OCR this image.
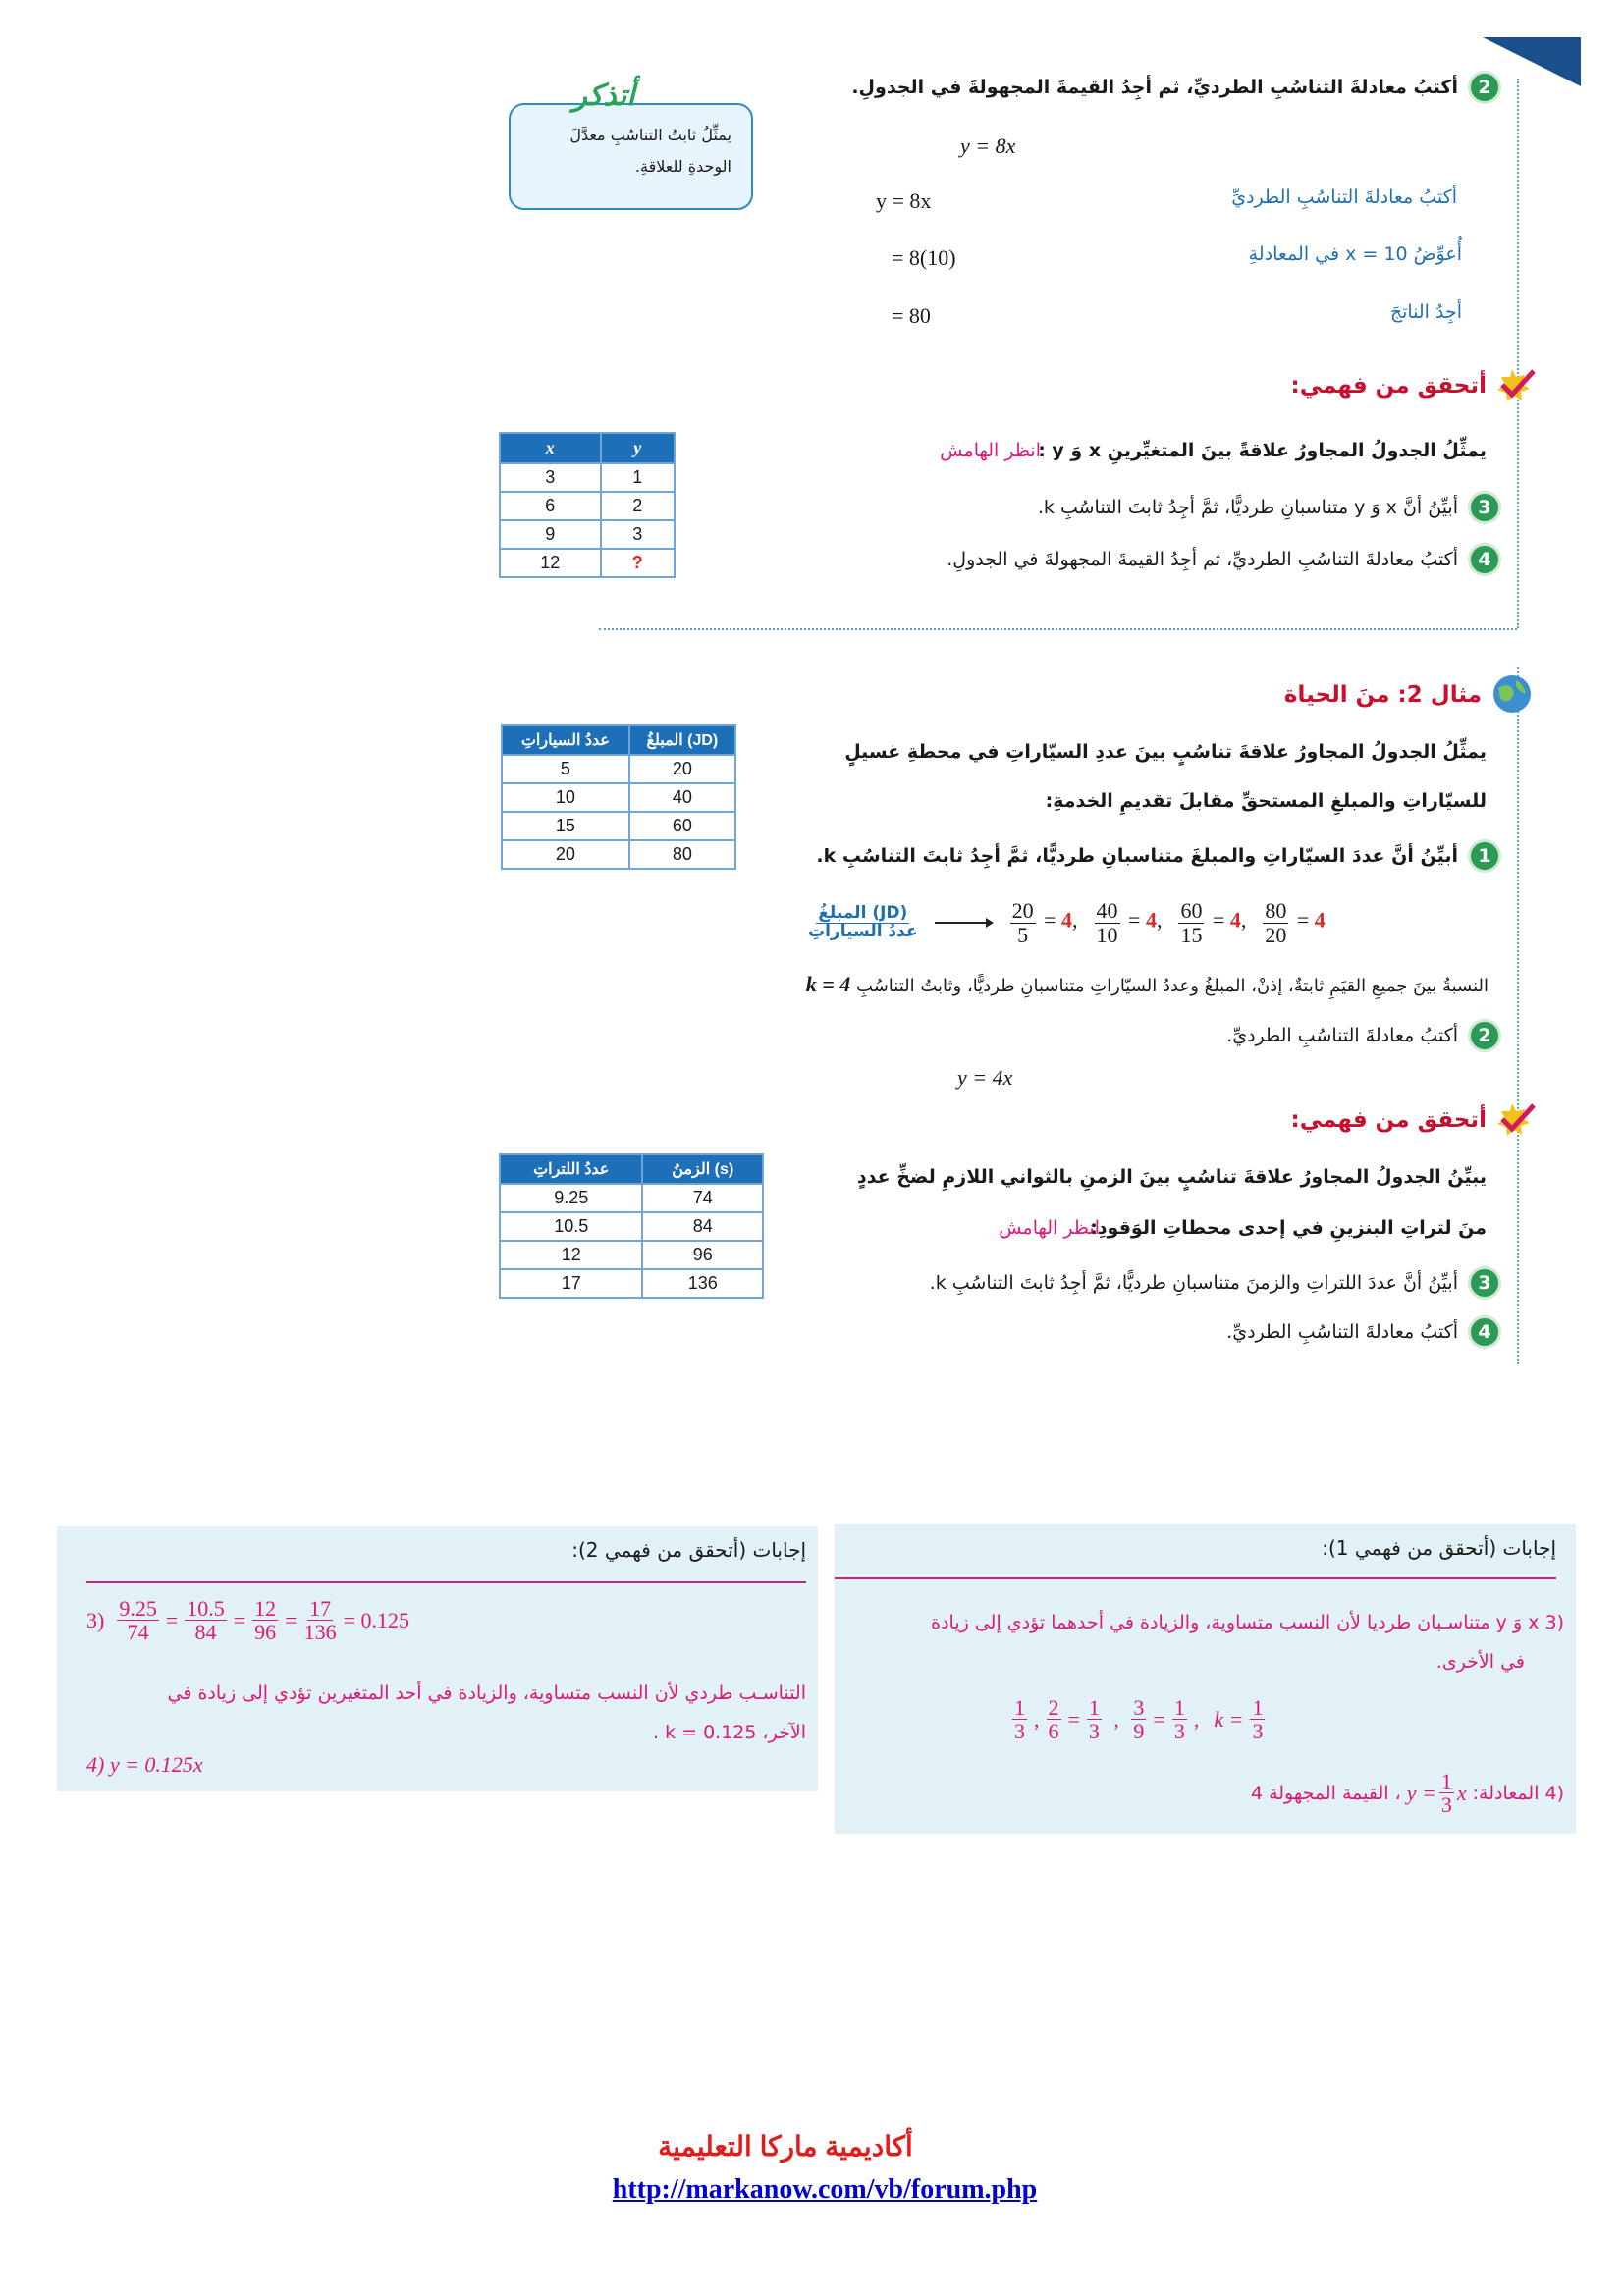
أتذكر
يمثِّلُ ثابتُ التناسُبِ معدَّلَ
الوحدةِ للعلاقةِ.
2
أكتبُ معادلةَ التناسُبِ الطرديِّ، ثم أجِدُ القيمةَ المجهولةَ في الجدولِ.
y = 8x
y = 8x	أكتبُ معادلةَ التناسُبِ الطرديِّ
= 8(10)	أُعوِّضُ x = 10 في المعادلةِ
= 80	أجِدُ الناتجَ
أتحقق من فهمي:
يمثِّلُ الجدولُ المجاورُ علاقةً بينَ المتغيِّرينِ x وَ y :
انظر الهامش
3
أبيِّنُ أنَّ x وَ y متناسبانِ طرديًّا، ثمَّ أجِدُ ثابتَ التناسُبِ k.
4
أكتبُ معادلةَ التناسُبِ الطرديِّ، ثم أجِدُ القيمةَ المجهولةَ في الجدولِ.
x	y
3	1
6	2
9	3
12	?
مثال 2: منَ الحياة
يمثِّلُ الجدولُ المجاورُ علاقةَ تناسُبٍ بينَ عددِ السيّاراتِ في محطةِ غسيلٍ
للسيّاراتِ والمبلغِ المستحقِّ مقابلَ تقديمِ الخدمةِ:
عددُ السياراتِ	المبلغُ (JD)
5	20
10	40
15	60
20	80	1
أبيِّنُ أنَّ عددَ السيّاراتِ والمبلغَ متناسبانِ طرديًّا، ثمَّ أجِدُ ثابتَ التناسُبِ k.
$\frac{\text{المبلغُ (JD)}}{\text{عددُ السياراتِ}}$	$\frac{20}{5} = 4$, $\frac{40}{10} = 4$, $\frac{60}{15} = 4$, $\frac{80}{20} = 4$
النسبةُ بينَ جميعِ القيَمِ ثابتةٌ، إذنْ، المبلغُ وعددُ السيّاراتِ متناسبانِ طرديًّا، وثابتُ التناسُبِ k = 4
2
أكتبُ معادلةَ التناسُبِ الطرديِّ.
y = 4x
أتحقق من فهمي:
يبيِّنُ الجدولُ المجاورُ علاقةَ تناسُبٍ بينَ الزمنِ بالثواني اللازمِ لضخِّ عددٍ
منَ لتراتِ البنزينِ في إحدى محطاتِ الوَقودِ:
انظر الهامش
3
أبيِّنُ أنَّ عددَ اللتراتِ والزمنَ متناسبانِ طرديًّا، ثمَّ أجِدُ ثابتَ التناسُبِ k.
4
أكتبُ معادلةَ التناسُبِ الطرديِّ.
عددُ اللتراتِ	الزمنُ (s)
9.25	74
10.5	84
12	96
17	136
إجابات (أتحقق من فهمي 1):
3) x وَ y متناسـبان طرديا لأن النسب متساوية، والزيادة في أحدهما تؤدي إلى زيادة
في الأخرى.
$\frac{1}{3}$ , $\frac{2}{6} = \frac{1}{3}$ , $\frac{3}{9} = \frac{1}{3}$ , $k = \frac{1}{3}$
4)
المعادلة:
$y = \frac{1}{3}$ x
، القيمة المجهولة 4
إجابات (أتحقق من فهمي 2):
$3) \frac{9.25}{74} = \frac{10.5}{84} = \frac{12}{96} = \frac{17}{136} = 0.125$
التناسـب طردي لأن النسب متساوية، والزيادة في أحد المتغيرين تؤدي إلى زيادة في
الآخر، k = 0.125 .
4) y = 0.125x
أكاديمية ماركا التعليمية
http://markanow.com/vb/forum.php
